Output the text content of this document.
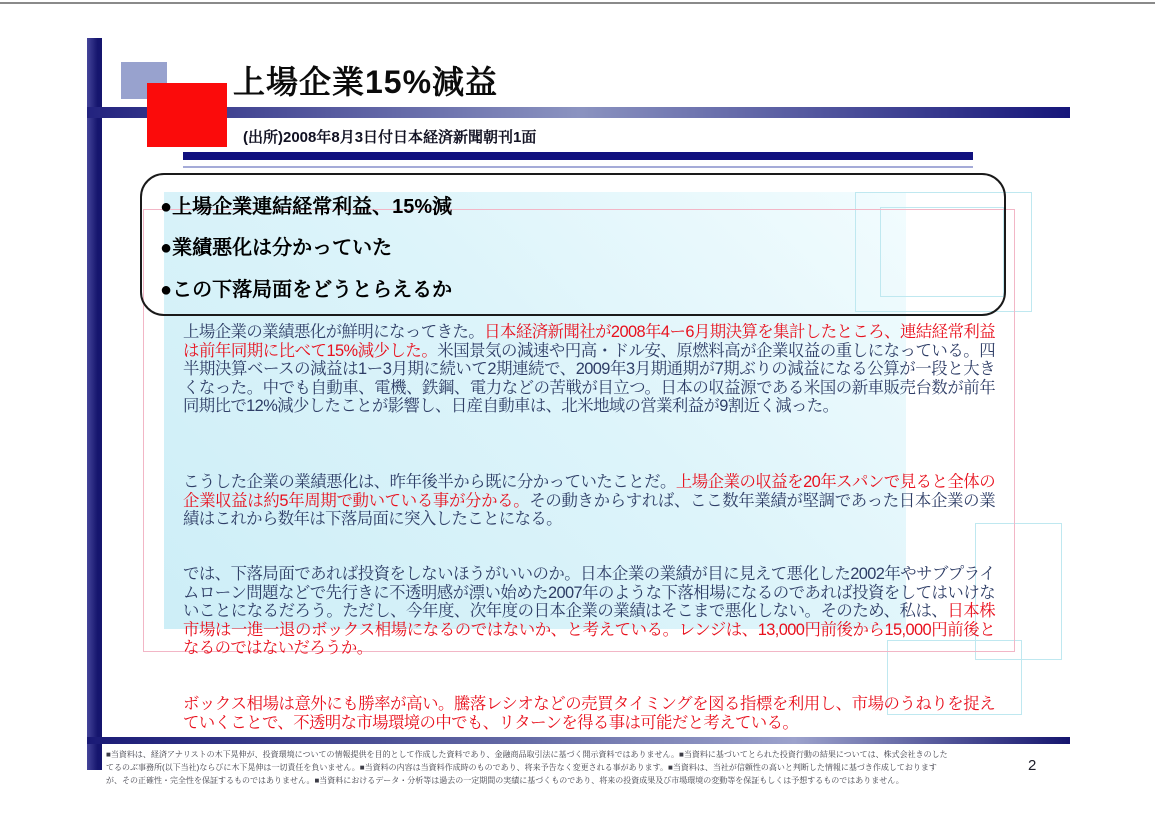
上場企業15%減益
(出所)2008年8月3日付日本経済新聞朝刊1面
●上場企業連結経常利益、15%減
●業績悪化は分かっていた
●この下落局面をどうとらえるか
上場企業の業績悪化が鮮明になってきた。日本経済新聞社が2008年4ー6月期決算を集計したところ、連結経常利益は前年同期に比べて15%減少した。米国景気の減速や円高・ドル安、原燃料高が企業収益の重しになっている。四半期決算ベースの減益は1ー3月期に続いて2期連続で、2009年3月期通期が7期ぶりの減益になる公算が一段と大きくなった。中でも自動車、電機、鉄鋼、電力などの苦戦が目立つ。日本の収益源である米国の新車販売台数が前年同期比で12%減少したことが影響し、日産自動車は、北米地域の営業利益が9割近く減った。
こうした企業の業績悪化は、昨年後半から既に分かっていたことだ。上場企業の収益を20年スパンで見ると全体の企業収益は約5年周期で動いている事が分かる。その動きからすれば、ここ数年業績が堅調であった日本企業の業績はこれから数年は下落局面に突入したことになる。
では、下落局面であれば投資をしないほうがいいのか。日本企業の業績が目に見えて悪化した2002年やサブプライムローン問題などで先行きに不透明感が漂い始めた2007年のような下落相場になるのであれば投資をしてはいけないことになるだろう。ただし、今年度、次年度の日本企業の業績はそこまで悪化しない。そのため、私は、日本株市場は一進一退のボックス相場になるのではないか、と考えている。レンジは、13,000円前後から15,000円前後となるのではないだろうか。
ボックス相場は意外にも勝率が高い。騰落レシオなどの売買タイミングを図る指標を利用し、市場のうねりを捉えていくことで、不透明な市場環境の中でも、リターンを得る事は可能だと考えている。
■当資料は、経済アナリストの木下晃伸が、投資環境についての情報提供を目的として作成した資料であり、金融商品取引法に基づく開示資料ではありません。■当資料に基づいてとられた投資行動の結果については、株式会社きのした
てるのぶ事務所(以下当社)ならびに木下晃伸は一切責任を負いません。■当資料の内容は当資料作成時のものであり、将来予告なく変更される事があります。■当資料は、当社が信頼性の高いと判断した情報に基づき作成しております
が、その正確性・完全性を保証するものではありません。■当資料におけるデータ・分析等は過去の一定期間の実績に基づくものであり、将来の投資成果及び市場環境の変動等を保証もしくは予想するものではありません。
2
